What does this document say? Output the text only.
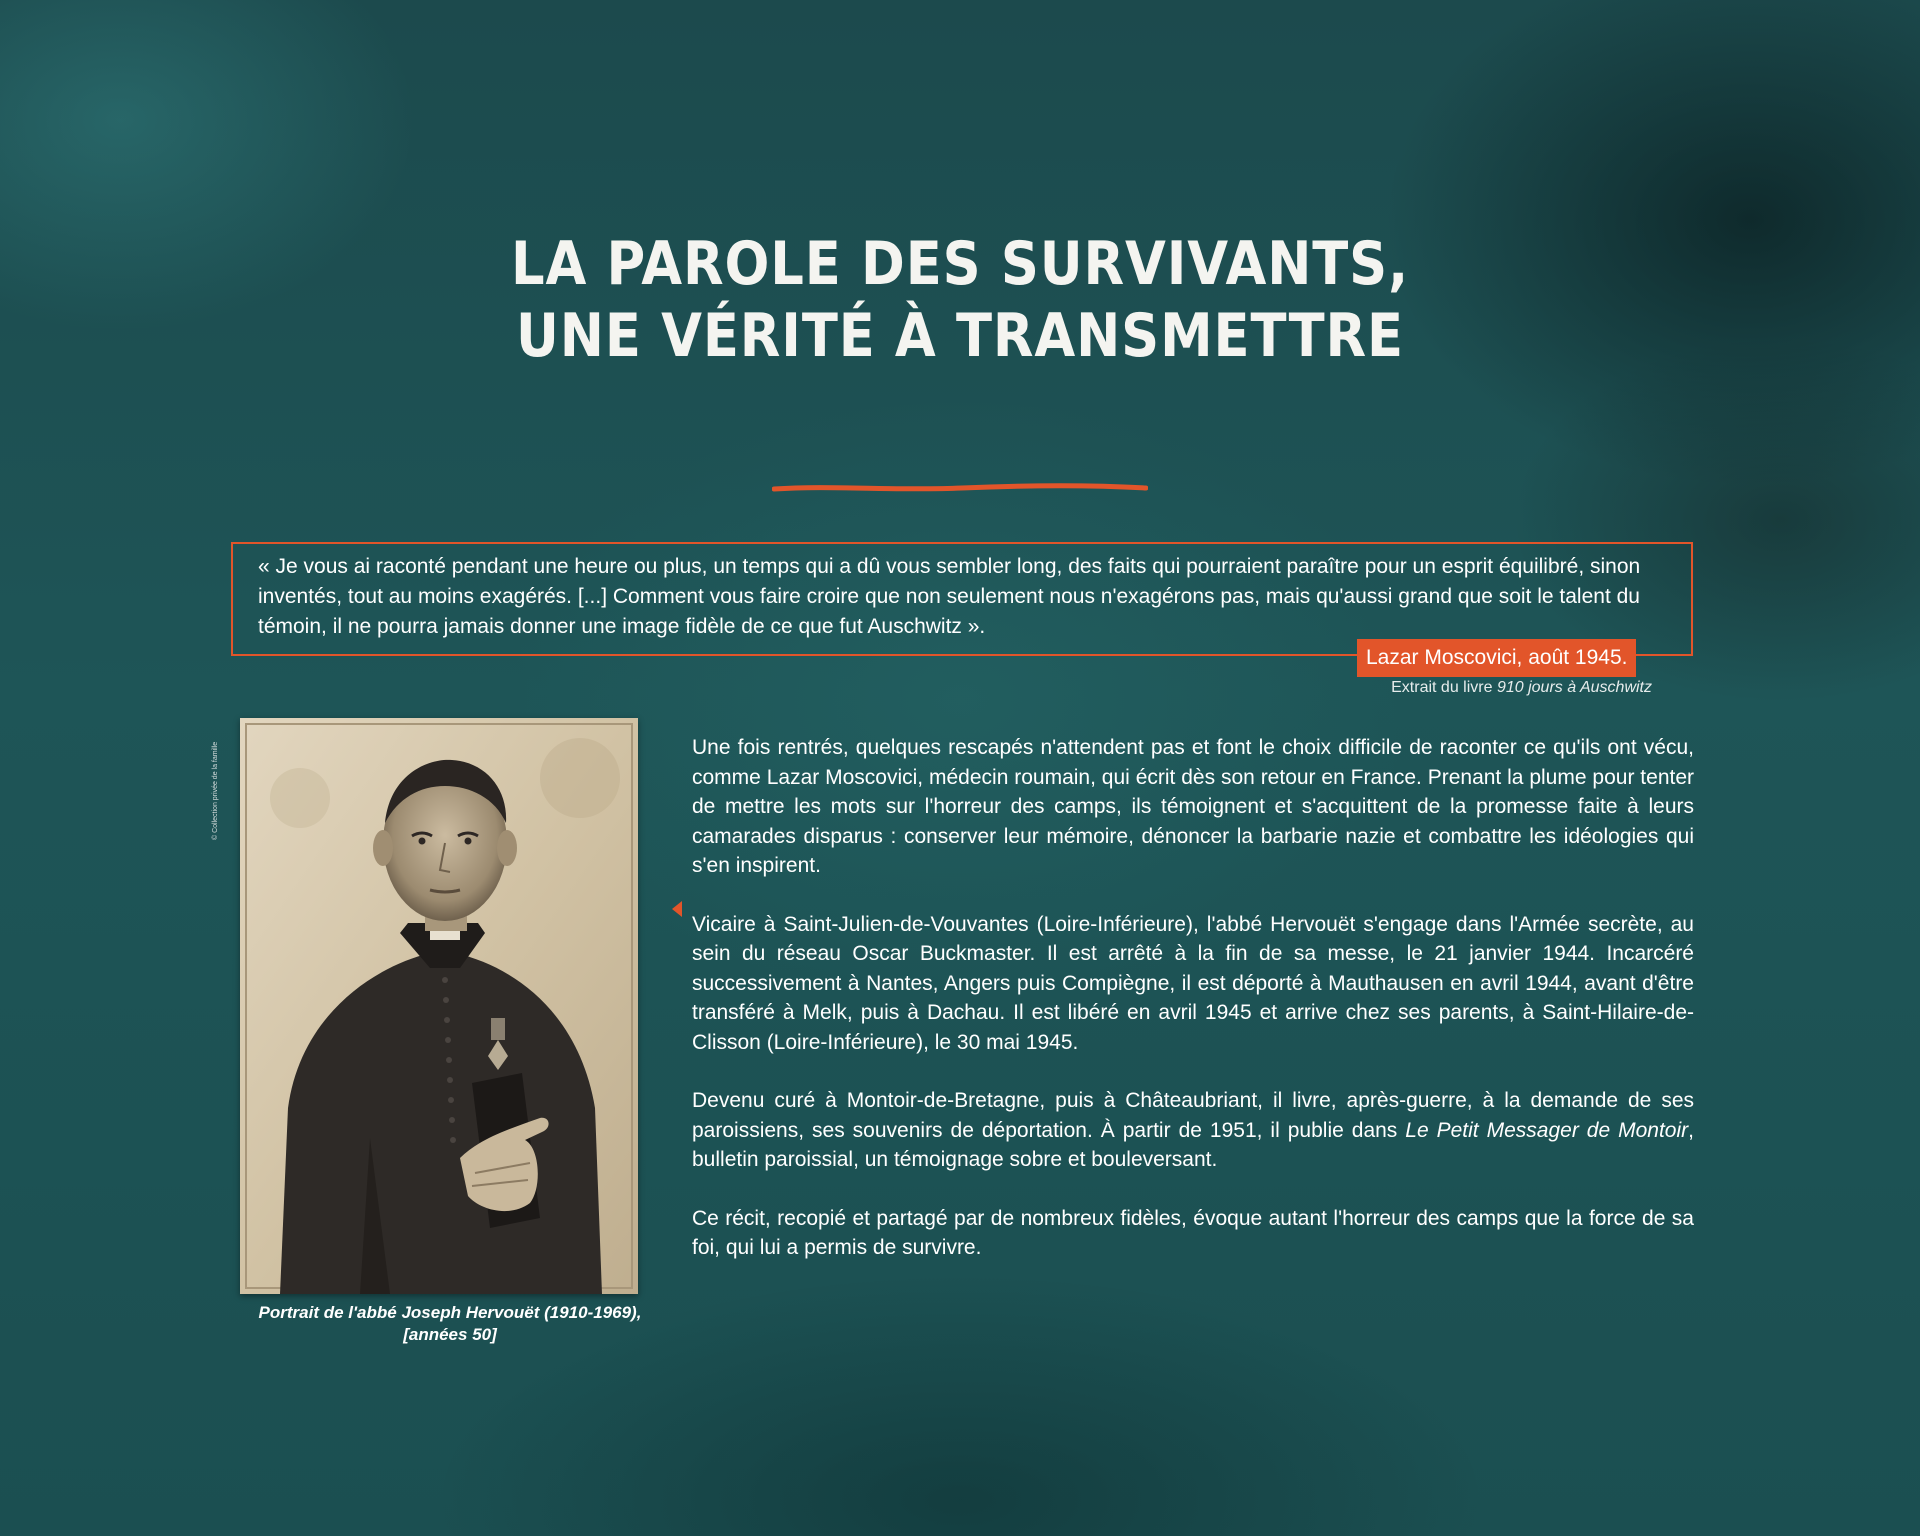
LA PAROLE DES SURVIVANTS,
UNE VÉRITÉ À TRANSMETTRE

« Je vous ai raconté pendant une heure ou plus, un temps qui a dû vous sembler long, des faits qui pourraient paraître pour un esprit équilibré, sinon inventés, tout au moins exagérés. [...] Comment vous faire croire que non seulement nous n'exagérons pas, mais qu'aussi grand que soit le talent du témoin, il ne pourra jamais donner une image fidèle de ce que fut Auschwitz ».

Lazar Moscovici, août 1945.
Extrait du livre 910 jours à Auschwitz
© Collection privée de la famille
Portrait de l'abbé Joseph Hervouët (1910-1969),
[années 50]

Une fois rentrés, quelques rescapés n'attendent pas et font le choix difficile de raconter ce qu'ils ont vécu, comme Lazar Moscovici, médecin roumain, qui écrit dès son retour en France. Prenant la plume pour tenter de mettre les mots sur l'horreur des camps, ils témoignent et s'acquittent de la promesse faite à leurs camarades disparus : conserver leur mémoire, dénoncer la barbarie nazie et combattre les idéologies qui s'en inspirent.

Vicaire à Saint-Julien-de-Vouvantes (Loire-Inférieure), l'abbé Hervouët s'engage dans l'Armée secrète, au sein du réseau Oscar Buckmaster. Il est arrêté à la fin de sa messe, le 21 janvier 1944. Incarcéré successivement à Nantes, Angers puis Compiègne, il est déporté à Mauthausen en avril 1944, avant d'être transféré à Melk, puis à Dachau. Il est libéré en avril 1945 et arrive chez ses parents, à Saint-Hilaire-de-Clisson (Loire-Inférieure), le 30 mai 1945.

Devenu curé à Montoir-de-Bretagne, puis à Châteaubriant, il livre, après-guerre, à la demande de ses paroissiens, ses souvenirs de déportation. À partir de 1951, il publie dans Le Petit Messager de Montoir, bulletin paroissial, un témoignage sobre et bouleversant.

Ce récit, recopié et partagé par de nombreux fidèles, évoque autant l'horreur des camps que la force de sa foi, qui lui a permis de survivre.
